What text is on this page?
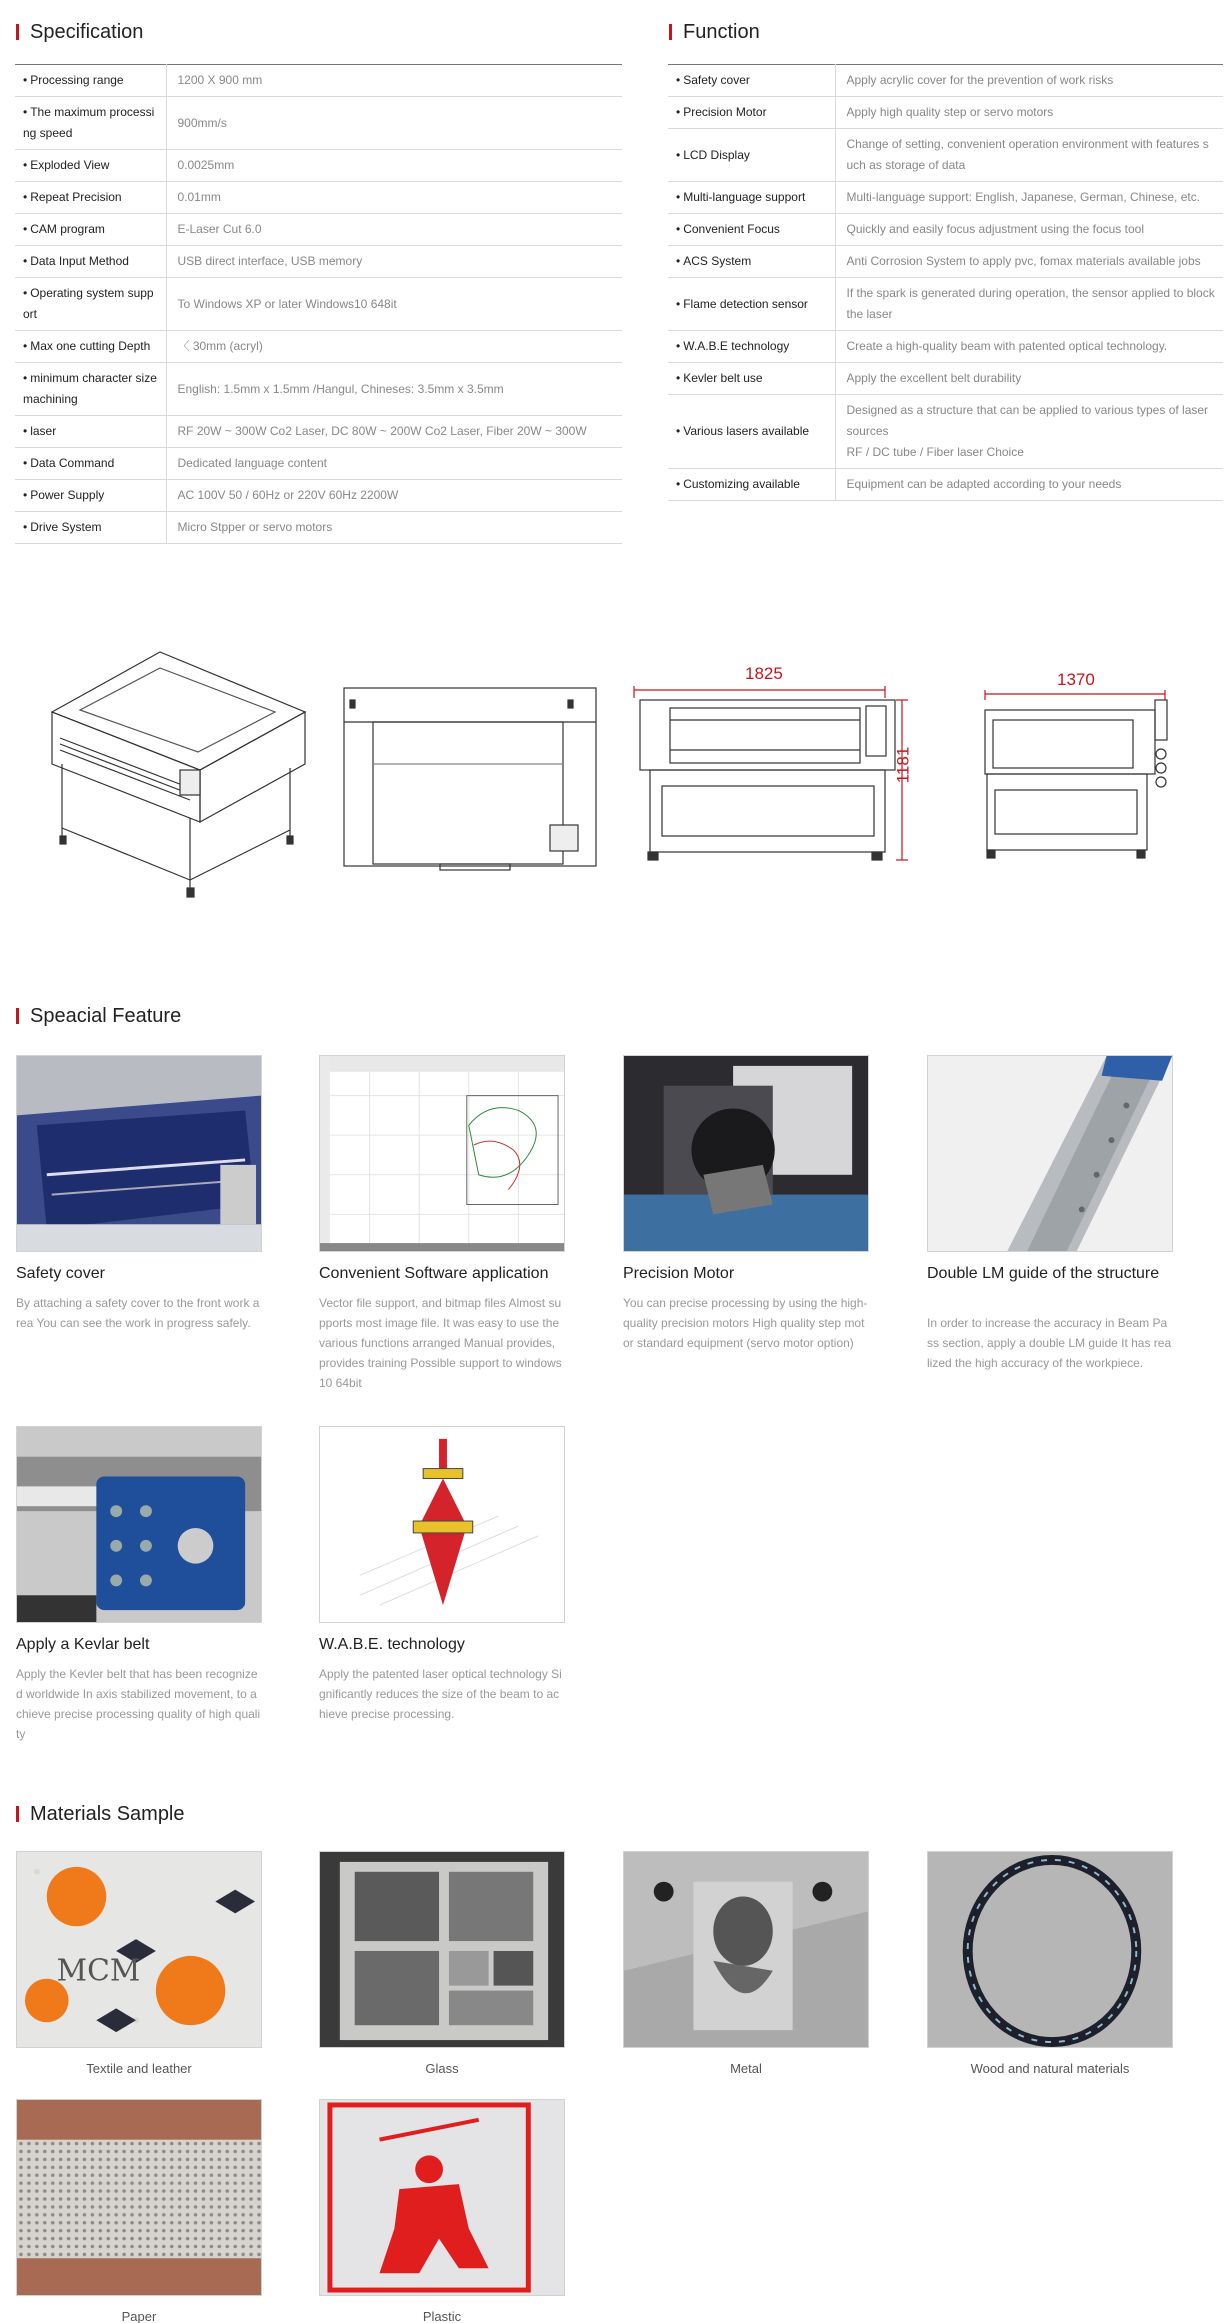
Specification
• Processing range	1200 X 900 mm

• The maximum processing speed	900mm/s

• Exploded View	0.0025mm

• Repeat Precision	0.01mm

• CAM program	E-Laser Cut 6.0

• Data Input Method	USB direct interface, USB memory

• Operating system support	To Windows XP or later Windows10 648it

• Max one cutting Depth	〈 30mm (acryl)

• minimum character size machining	English: 1.5mm x 1.5mm /Hangul, Chineses: 3.5mm x 3.5mm

• laser	RF 20W ~ 300W Co2 Laser, DC 80W ~ 200W Co2 Laser, Fiber 20W ~ 300W

• Data Command	Dedicated language content

• Power Supply	AC 100V 50 / 60Hz or 220V 60Hz 2200W

• Drive System	Micro Stpper or servo motors
Function
• Safety cover	Apply acrylic cover for the prevention of work risks

• Precision Motor	Apply high quality step or servo motors

• LCD Display	Change of setting, convenient operation environment with features such as storage of data

• Multi-language support	Multi-language support: English, Japanese, German, Chinese, etc.

• Convenient Focus	Quickly and easily focus adjustment using the focus tool

• ACS System	Anti Corrosion System to apply pvc, fomax materials available jobs

• Flame detection sensor	If the spark is generated during operation, the sensor applied to block the laser

• W.A.B.E technology	Create a high-quality beam with patented optical technology.

• Kevler belt use	Apply the excellent belt durability

• Various lasers available	Designed as a structure that can be applied to various types of laser sources
RF / DC tube / Fiber laser Choice

• Customizing available	Equipment can be adapted according to your needs
1825
1181
1370
Speacial Feature
Safety cover
By attaching a safety cover to the front work area You can see the work in progress safely.
Convenient Software application
Vector file support, and bitmap files Almost supports most image file. It was easy to use the various functions arranged Manual provides, provides training Possible support to windows 10 64bit
Precision Motor
You can precise processing by using the high-quality precision motors High quality step motor standard equipment (servo motor option)
Double LM guide of the structure
In order to increase the accuracy in Beam Pass section, apply a double LM guide It has realized the high accuracy of the workpiece.
Apply a Kevlar belt
Apply the Kevler belt that has been recognized worldwide In axis stabilized movement, to achieve precise processing quality of high quality
W.A.B.E. technology
Apply the patented laser optical technology Significantly reduces the size of the beam to achieve precise processing.
Materials Sample
MCM
Textile and leather	Glass	Metal	Wood and natural materials
Paper	Plastic
